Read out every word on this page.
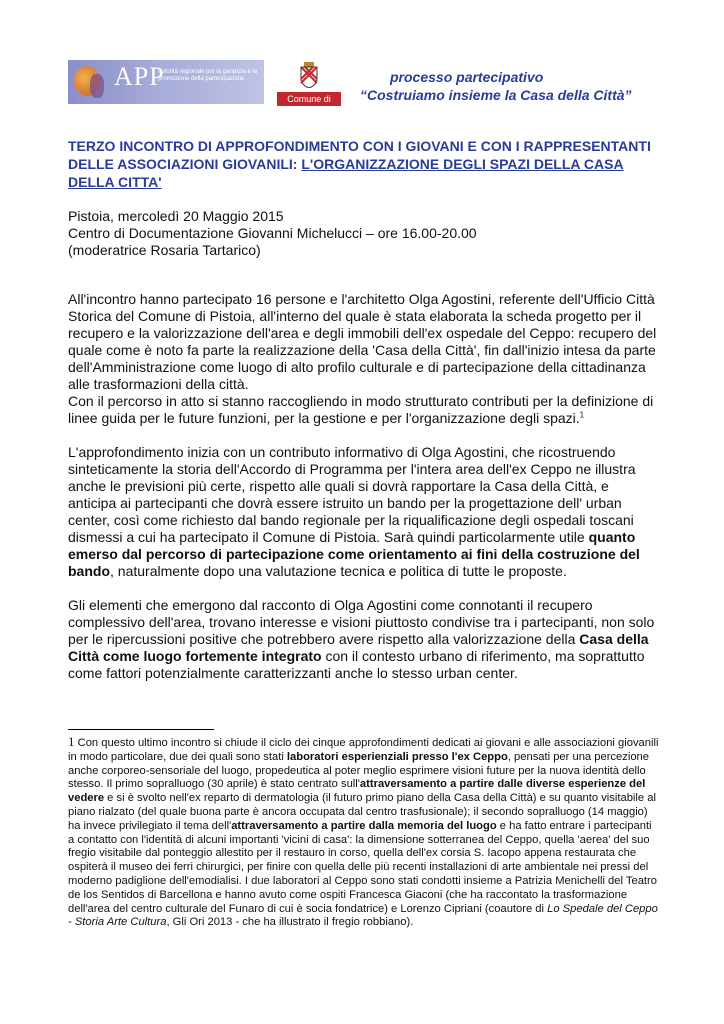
APP
autorità regionale per la garanzia e la promozione della partecipazione
Comune di Pistoia
processo partecipativo
“Costruiamo insieme la Casa della Città”
TERZO INCONTRO DI APPROFONDIMENTO CON I GIOVANI E CON I RAPPRESENTANTI DELLE ASSOCIAZIONI GIOVANILI: L'ORGANIZZAZIONE DEGLI SPAZI DELLA CASA DELLA CITTA'
Pistoia, mercoledì 20 Maggio 2015
Centro di Documentazione Giovanni Michelucci – ore 16.00-20.00
(moderatrice Rosaria Tartarico)

All'incontro hanno partecipato 16 persone e l'architetto Olga Agostini, referente dell'Ufficio Città Storica del Comune di Pistoia, all'interno del quale è stata elaborata la scheda progetto per il recupero e la valorizzazione dell'area e degli immobili dell'ex ospedale del Ceppo: recupero del quale come è noto fa parte la realizzazione della 'Casa della Città', fin dall'inizio intesa da parte dell'Amministrazione come luogo di alto profilo culturale e di partecipazione della cittadinanza alle trasformazioni della città.
Con il percorso in atto si stanno raccogliendo in modo strutturato contributi per la definizione di linee guida per le future funzioni, per la gestione e per l'organizzazione degli spazi.$^1$

L'approfondimento inizia con un contributo informativo di Olga Agostini, che ricostruendo sinteticamente la storia dell'Accordo di Programma per l'intera area dell'ex Ceppo ne illustra anche le previsioni più certe, rispetto alle quali si dovrà rapportare la Casa della Città, e anticipa ai partecipanti che dovrà essere istruito un bando per la progettazione dell' urban center, così come richiesto dal bando regionale per la riqualificazione degli ospedali toscani dismessi a cui ha partecipato il Comune di Pistoia. Sarà quindi particolarmente utile quanto emerso dal percorso di partecipazione come orientamento ai fini della costruzione del bando, naturalmente dopo una valutazione tecnica e politica di tutte le proposte.

Gli elementi che emergono dal racconto di Olga Agostini come connotanti il recupero complessivo dell'area, trovano interesse e visioni piuttosto condivise tra i partecipanti, non solo per le ripercussioni positive che potrebbero avere rispetto alla valorizzazione della Casa della Città come luogo fortemente integrato con il contesto urbano di riferimento, ma soprattutto come fattori potenzialmente caratterizzanti anche lo stesso urban center.

1 Con questo ultimo incontro si chiude il ciclo dei cinque approfondimenti dedicati ai giovani e alle associazioni giovanili in modo particolare, due dei quali sono stati laboratori esperienziali presso l'ex Ceppo, pensati per una percezione anche corporeo-sensoriale del luogo, propedeutica al poter meglio esprimere visioni future per la nuova identità dello stesso. Il primo sopralluogo (30 aprile) è stato centrato sull'attraversamento a partire dalle diverse esperienze del vedere e si è svolto nell'ex reparto di dermatologia (il futuro primo piano della Casa della Città) e su quanto visitabile al piano rialzato (del quale buona parte è ancora occupata dal centro trasfusionale); il secondo sopralluogo (14 maggio) ha invece privilegiato il tema dell'attraversamento a partire dalla memoria del luogo e ha fatto entrare i partecipanti a contatto con l'identità di alcuni importanti 'vicini di casa': la dimensione sotterranea del Ceppo, quella 'aerea' del suo fregio visitabile dal ponteggio allestito per il restauro in corso, quella dell'ex corsia S. Iacopo appena restaurata che ospiterà il museo dei ferri chirurgici, per finire con quella delle più recenti installazioni di arte ambientale nei pressi del moderno padiglione dell'emodialisi. I due laboratori al Ceppo sono stati condotti insieme a Patrizia Menichelli del Teatro de los Sentidos di Barcellona e hanno avuto come ospiti Francesca Giaconi (che ha raccontato la trasformazione dell'area del centro culturale del Funaro di cui è socia fondatrice) e Lorenzo Cipriani (coautore di Lo Spedale del Ceppo - Storia Arte Cultura, Gli Ori 2013 - che ha illustrato il fregio robbiano).
